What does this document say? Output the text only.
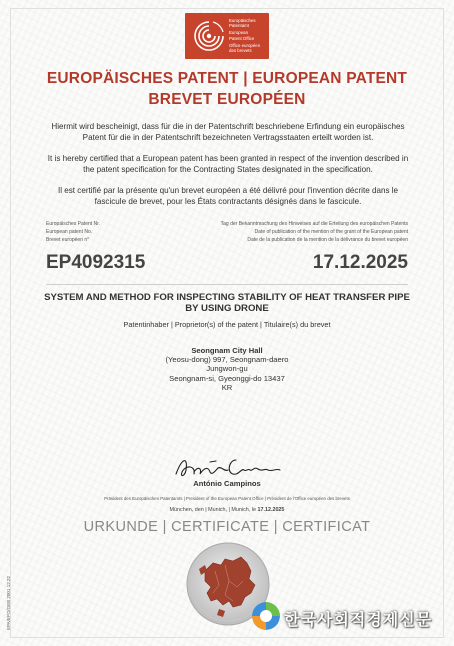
Europäisches
Patentamt
European
Patent Office
Office européen
des brevets
EUROPÄISCHES PATENT | EUROPEAN PATENT
BREVET EUROPÉEN
Hiermit wird bescheinigt, dass für die in der Patentschrift beschriebene Erfindung ein europäisches Patent für die in der Patentschrift bezeichneten Vertragsstaaten erteilt worden ist.
It is hereby certified that a European patent has been granted in respect of the invention described in the patent specification for the Contracting States designated in the specification.
Il est certifié par la présente qu'un brevet européen a été délivré pour l'invention décrite dans le fascicule de brevet, pour les États contractants désignés dans le fascicule.
Europäisches Patent Nr.
European patent No.
Brevet européen n°
Tag der Bekanntmachung des Hinweises auf die Erteilung des europäischen Patents
Date of publication of the mention of the grant of the European patent
Date de la publication de la mention de la délivrance du brevet européen
EP4092315	17.12.2025
SYSTEM AND METHOD FOR INSPECTING STABILITY OF HEAT TRANSFER PIPE BY USING DRONE
Patentinhaber | Proprietor(s) of the patent | Titulaire(s) du brevet
Seongnam City Hall
(Yeosu-dong) 997, Seongnam-daero
Jungwon-gu
Seongnam-si, Gyeonggi-do 13437
KR
António Campinos
Präsident des Europäischen Patentamts | President of the European Patent Office | Président de l'Office européen des brevets
München, den | Munich, | Munich, le 17.12.2025
URKUNDE | CERTIFICATE | CERTIFICAT
EPA/EPO/OEB 2001 12.22	한국사회적경제신문
